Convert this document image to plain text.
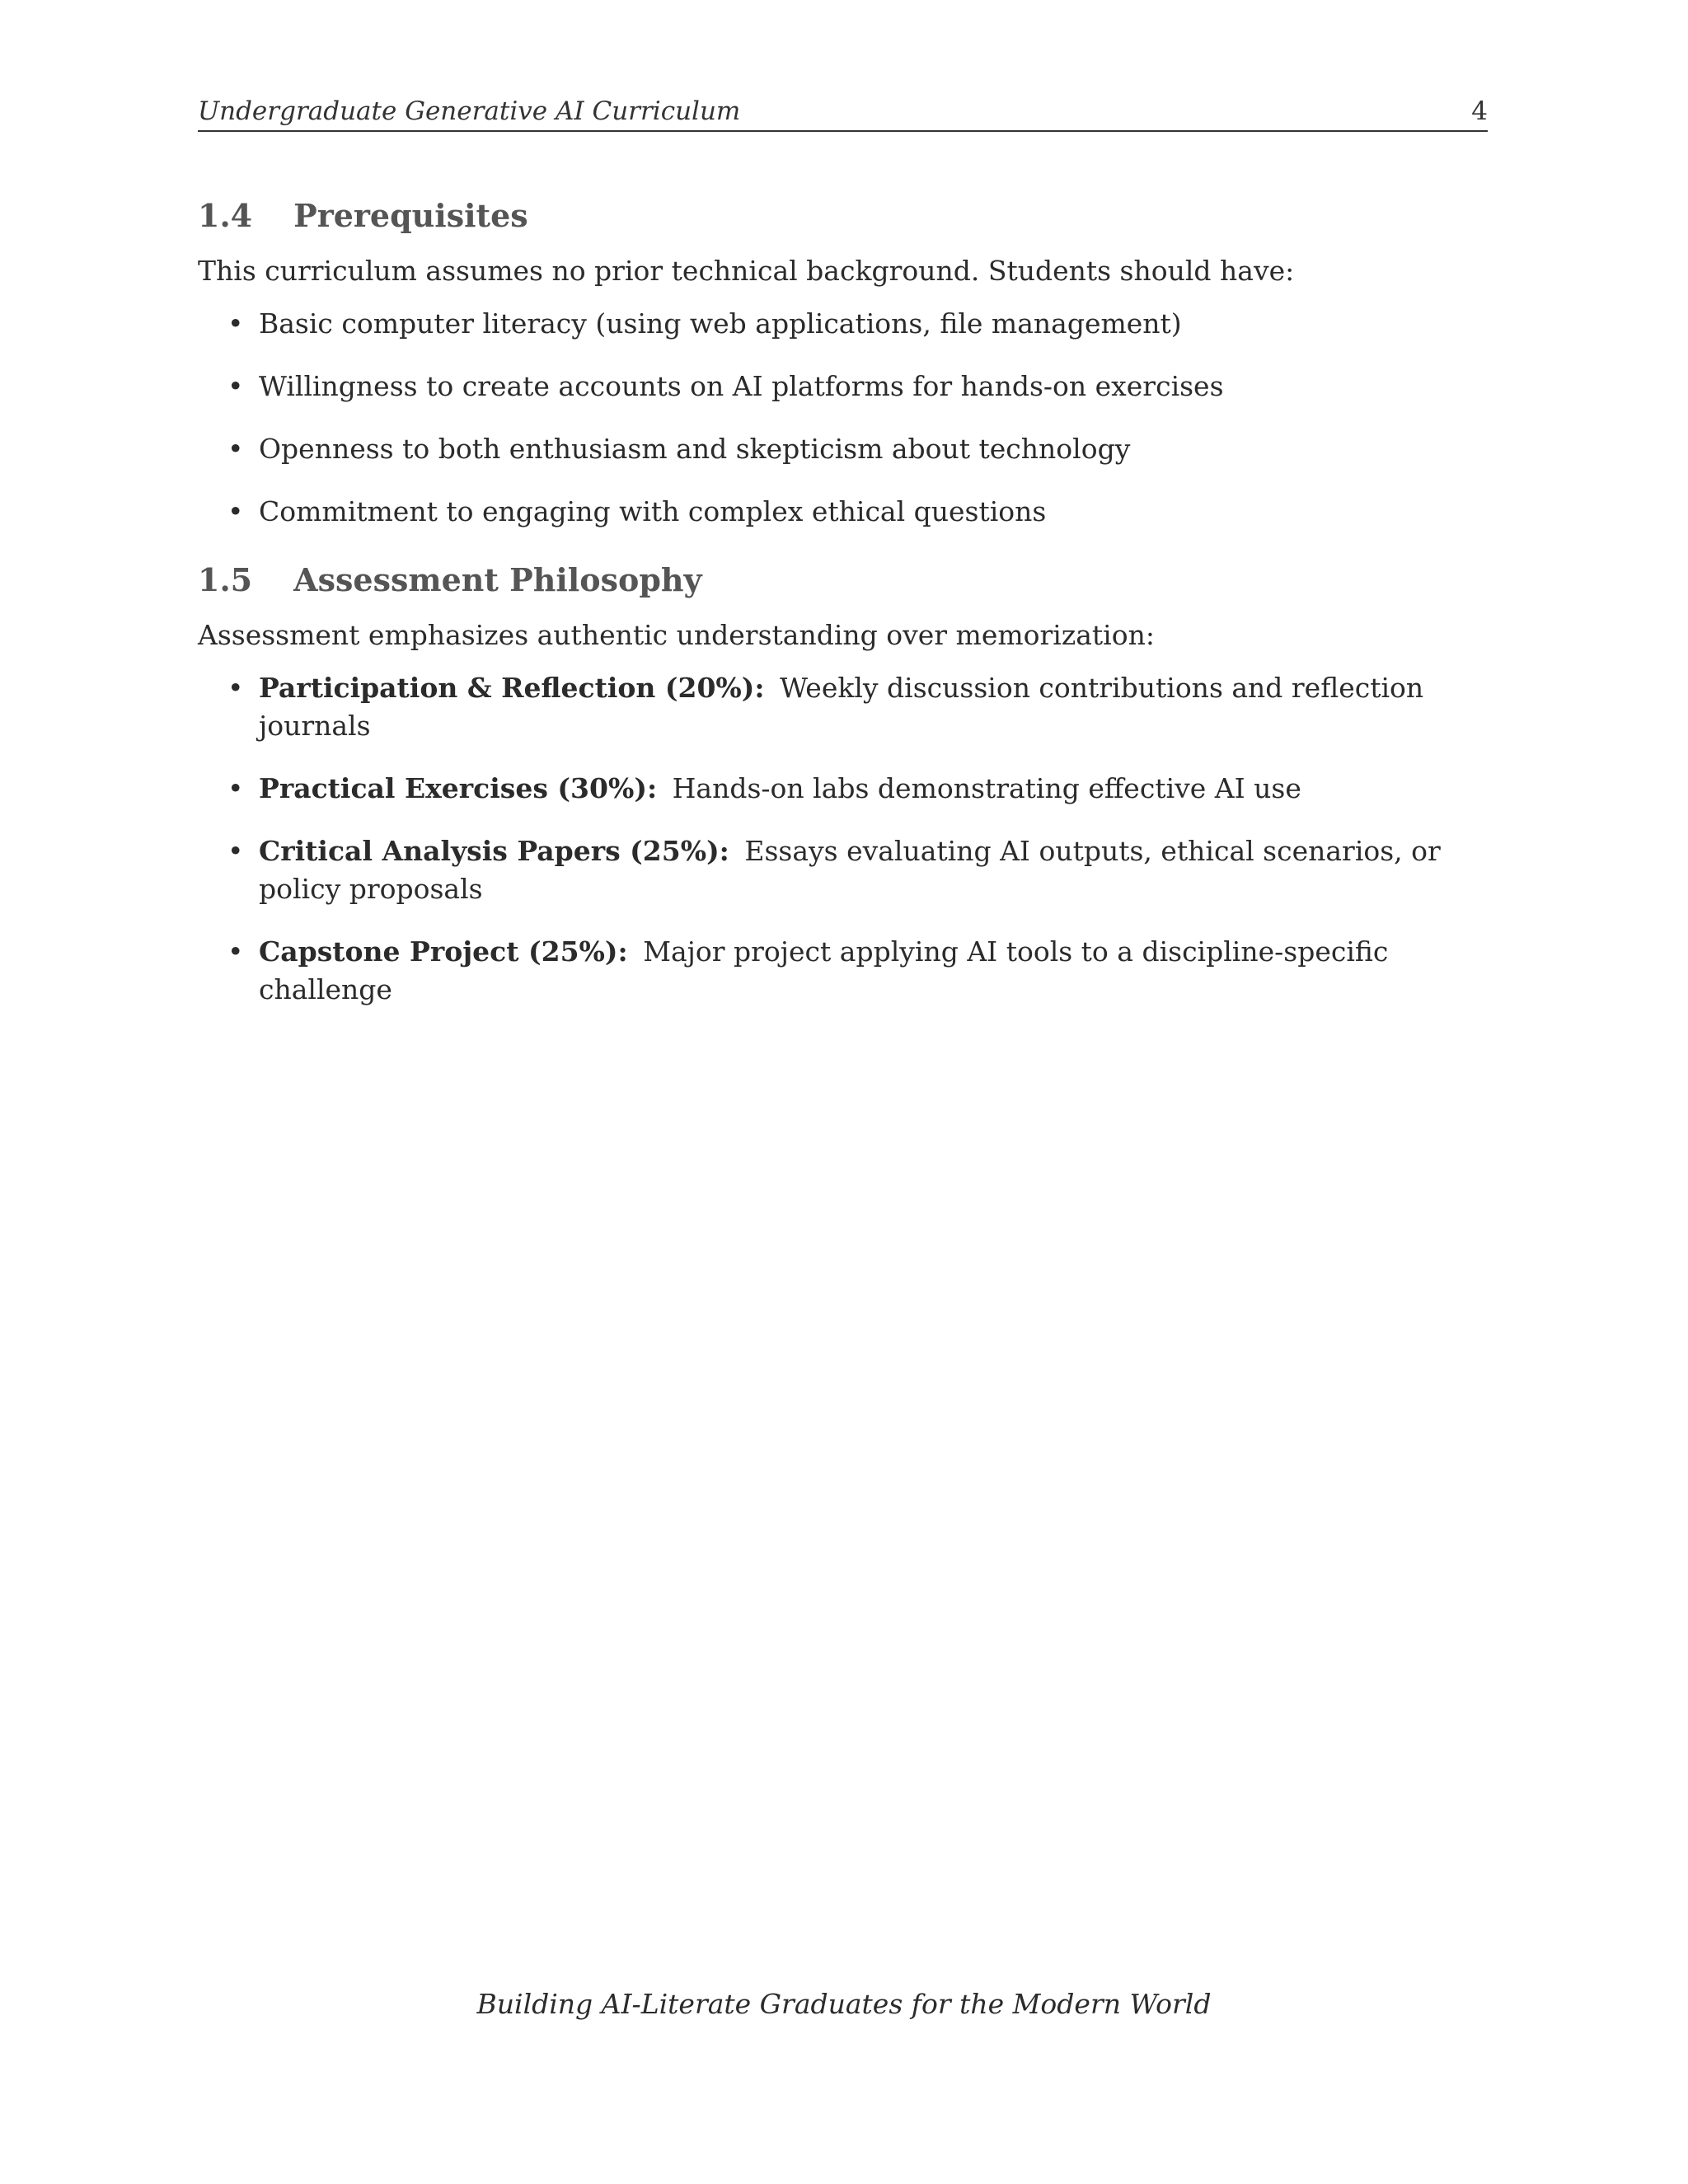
Undergraduate Generative AI Curriculum	4
1.4 Prerequisites

This curriculum assumes no prior technical background. Students should have:

• Basic computer literacy (using web applications, file management)
• Willingness to create accounts on AI platforms for hands-on exercises
• Openness to both enthusiasm and skepticism about technology
• Commitment to engaging with complex ethical questions
1.5 Assessment Philosophy

Assessment emphasizes authentic understanding over memorization:

• Participation & Reflection (20%): Weekly discussion contributions and reflection journals
• Practical Exercises (30%): Hands-on labs demonstrating effective AI use
• Critical Analysis Papers (25%): Essays evaluating AI outputs, ethical scenarios, or policy proposals
• Capstone Project (25%): Major project applying AI tools to a discipline-specific challenge
Building AI-Literate Graduates for the Modern World
